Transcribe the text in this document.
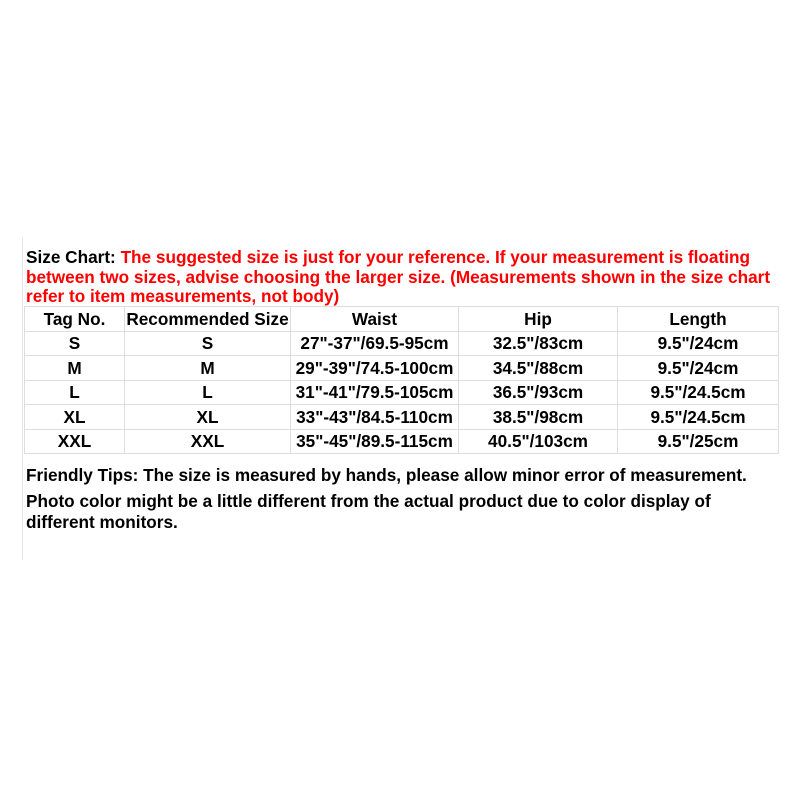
Size Chart: The suggested size is just for your reference. If your measurement is floating between two sizes, advise choosing the larger size. (Measurements shown in the size chart refer to item measurements, not body)

Tag No.	Recommended Size	Waist	Hip	Length
S	S	27"-37"/69.5-95cm	32.5"/83cm	9.5"/24cm
M	M	29"-39"/74.5-100cm	34.5"/88cm	9.5"/24cm
L	L	31"-41"/79.5-105cm	36.5"/93cm	9.5"/24.5cm
XL	XL	33"-43"/84.5-110cm	38.5"/98cm	9.5"/24.5cm
XXL	XXL	35"-45"/89.5-115cm	40.5"/103cm	9.5"/25cm

Friendly Tips: The size is measured by hands, please allow minor error of measurement.

Photo color might be a little different from the actual product due to color display of different monitors.
